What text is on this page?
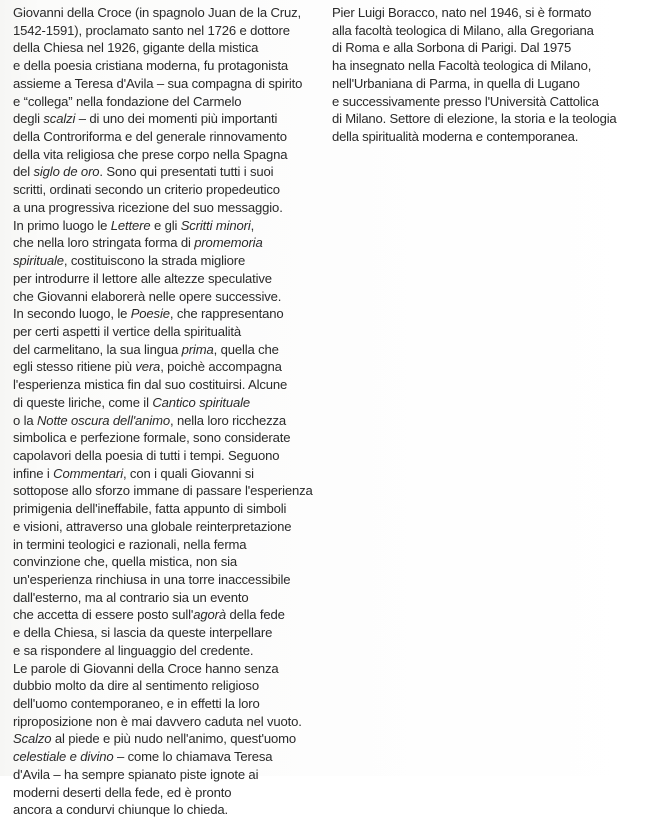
Giovanni della Croce (in spagnolo Juan de la Cruz,
1542-1591), proclamato santo nel 1726 e dottore
della Chiesa nel 1926, gigante della mistica
e della poesia cristiana moderna, fu protagonista
assieme a Teresa d'Avila – sua compagna di spirito
e “collega” nella fondazione del Carmelo
degli scalzi – di uno dei momenti più importanti
della Controriforma e del generale rinnovamento
della vita religiosa che prese corpo nella Spagna
del siglo de oro. Sono qui presentati tutti i suoi
scritti, ordinati secondo un criterio propedeutico
a una progressiva ricezione del suo messaggio.
In primo luogo le Lettere e gli Scritti minori,
che nella loro stringata forma di promemoria
spirituale, costituiscono la strada migliore
per introdurre il lettore alle altezze speculative
che Giovanni elaborerà nelle opere successive.
In secondo luogo, le Poesie, che rappresentano
per certi aspetti il vertice della spiritualità
del carmelitano, la sua lingua prima, quella che
egli stesso ritiene più vera, poichè accompagna
l'esperienza mistica fin dal suo costituirsi. Alcune
di queste liriche, come il Cantico spirituale
o la Notte oscura dell'animo, nella loro ricchezza
simbolica e perfezione formale, sono considerate
capolavori della poesia di tutti i tempi. Seguono
infine i Commentari, con i quali Giovanni si
sottopose allo sforzo immane di passare l'esperienza
primigenia dell'ineffabile, fatta appunto di simboli
e visioni, attraverso una globale reinterpretazione
in termini teologici e razionali, nella ferma
convinzione che, quella mistica, non sia
un'esperienza rinchiusa in una torre inaccessibile
dall'esterno, ma al contrario sia un evento
che accetta di essere posto sull'agorà della fede
e della Chiesa, si lascia da queste interpellare
e sa rispondere al linguaggio del credente.
Le parole di Giovanni della Croce hanno senza
dubbio molto da dire al sentimento religioso
dell'uomo contemporaneo, e in effetti la loro
riproposizione non è mai davvero caduta nel vuoto.
Scalzo al piede e più nudo nell'animo, quest'uomo
celestiale e divino – come lo chiamava Teresa
d'Avila – ha sempre spianato piste ignote ai
moderni deserti della fede, ed è pronto
ancora a condurvi chiunque lo chieda.
Pier Luigi Boracco, nato nel 1946, si è formato
alla facoltà teologica di Milano, alla Gregoriana
di Roma e alla Sorbona di Parigi. Dal 1975
ha insegnato nella Facoltà teologica di Milano,
nell'Urbaniana di Parma, in quella di Lugano
e successivamente presso l'Università Cattolica
di Milano. Settore di elezione, la storia e la teologia
della spiritualità moderna e contemporanea.
